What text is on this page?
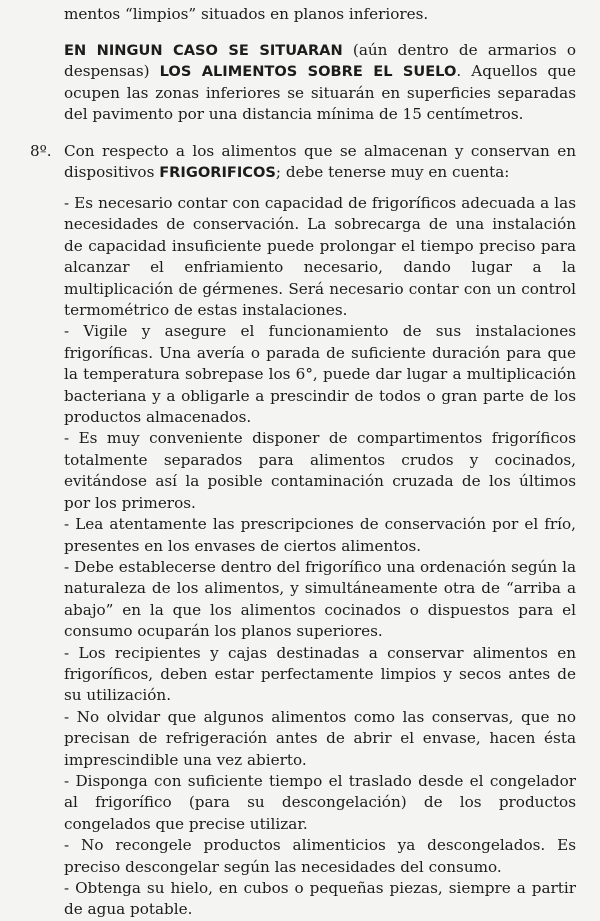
mentos “limpios” situados en planos inferiores.
EN NINGUN CASO SE SITUARAN (aún dentro de armarios o despensas) LOS ALIMENTOS SOBRE EL SUELO. Aquellos que ocupen las zonas inferiores se situarán en superficies separadas del pavimento por una distancia mínima de 15 centímetros.
8º. Con respecto a los alimentos que se almacenan y conservan en dispositivos FRIGORIFICOS; debe tenerse muy en cuenta:

- Es necesario contar con capacidad de frigoríficos adecuada a las necesidades de conservación. La sobrecarga de una instalación de capacidad insuficiente puede prolongar el tiempo preciso para alcanzar el enfriamiento necesario, dando lugar a la multiplicación de gérmenes. Será necesario contar con un control termométrico de estas instalaciones.

- Vigile y asegure el funcionamiento de sus instalaciones frigoríficas. Una avería o parada de suficiente duración para que la temperatura sobrepase los 6°, puede dar lugar a multiplicación bacteriana y a obligarle a prescindir de todos o gran parte de los productos almacenados.

- Es muy conveniente disponer de compartimentos frigoríficos totalmente separados para alimentos crudos y cocinados, evitándose así la posible contaminación cruzada de los últimos por los primeros.

- Lea atentamente las prescripciones de conservación por el frío, presentes en los envases de ciertos alimentos.

- Debe establecerse dentro del frigorífico una ordenación según la naturaleza de los alimentos, y simultáneamente otra de “arriba a abajo” en la que los alimentos cocinados o dispuestos para el consumo ocuparán los planos superiores.

- Los recipientes y cajas destinadas a conservar alimentos en frigoríficos, deben estar perfectamente limpios y secos antes de su utilización.

- No olvidar que algunos alimentos como las conservas, que no precisan de refrigeración antes de abrir el envase, hacen ésta imprescindible una vez abierto.

- Disponga con suficiente tiempo el traslado desde el congelador al frigorífico (para su descongelación) de los productos congelados que precise utilizar.

- No recongele productos alimenticios ya descongelados. Es preciso descongelar según las necesidades del consumo.

- Obtenga su hielo, en cubos o pequeñas piezas, siempre a partir de agua potable.
